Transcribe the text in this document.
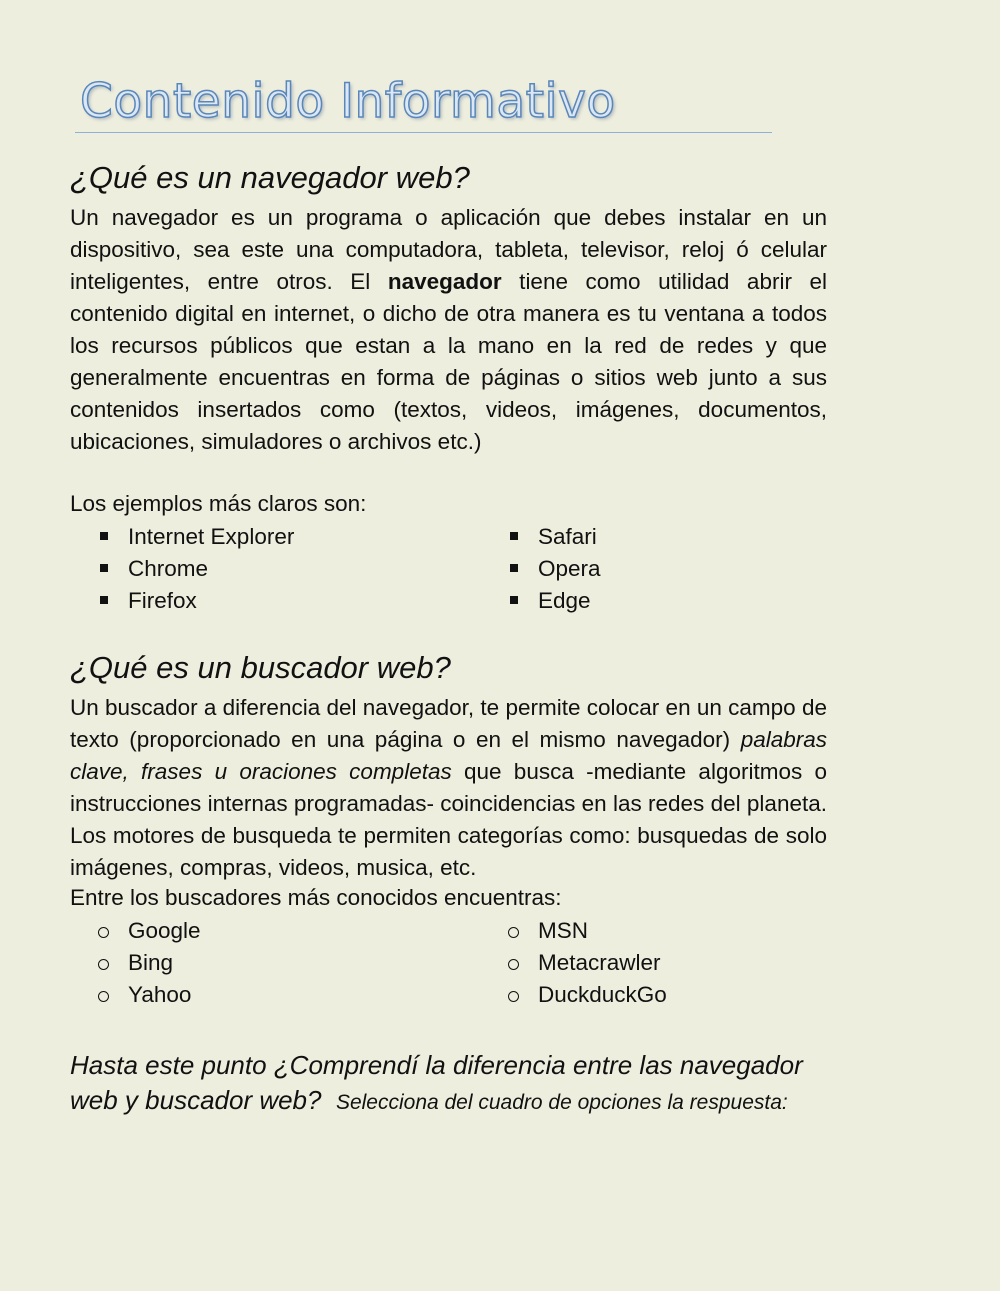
Contenido Informativo
¿Qué es un navegador web?

Un navegador es un programa o aplicación que debes instalar en un dispositivo, sea este una computadora, tableta, televisor, reloj ó celular inteligentes, entre otros. El navegador tiene como utilidad abrir el contenido digital en internet, o dicho de otra manera es tu ventana a todos los recursos públicos que estan a la mano en la red de redes y que generalmente encuentras en forma de páginas o sitios web junto a sus contenidos insertados como (textos, videos, imágenes, documentos, ubicaciones, simuladores o archivos etc.)

Los ejemplos más claros son:
Internet Explorer
Chrome
Firefox
Safari
Opera
Edge
¿Qué es un buscador web?

Un buscador a diferencia del navegador, te permite colocar en un campo de texto (proporcionado en una página o en el mismo navegador) palabras clave, frases u oraciones completas que busca -mediante algoritmos o instrucciones internas programadas- coincidencias en las redes del planeta. Los motores de busqueda te permiten categorías como: busquedas de solo imágenes, compras, videos, musica, etc.

Entre los buscadores más conocidos encuentras:
Google
Bing
Yahoo
MSN
Metacrawler
DuckduckGo
Hasta este punto ¿Comprendí la diferencia entre las navegador web y buscador web? Selecciona del cuadro de opciones la respuesta:
